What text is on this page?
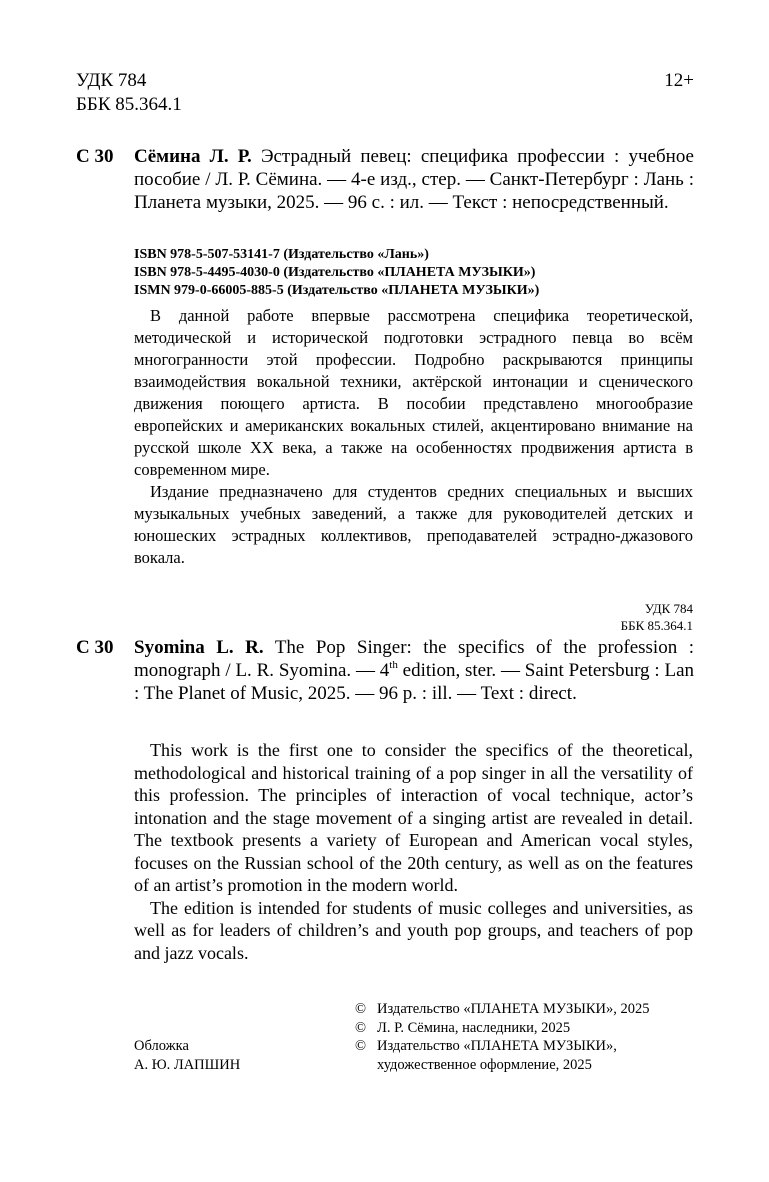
УДК 784
ББК 85.364.1
12+
С 30 Сёмина Л. Р. Эстрадный певец: специфика профессии : учебное пособие / Л. Р. Сёмина. — 4-е изд., стер. — Санкт-Петербург : Лань : Планета музыки, 2025. — 96 с. : ил. — Текст : непосредственный.
ISBN 978-5-507-53141-7 (Издательство «Лань»)
ISBN 978-5-4495-4030-0 (Издательство «ПЛАНЕТА МУЗЫКИ»)
ISMN 979-0-66005-885-5 (Издательство «ПЛАНЕТА МУЗЫКИ»)

В данной работе впервые рассмотрена специфика теоретической, методической и исторической подготовки эстрадного певца во всём многогранности этой профессии. Подробно раскрываются принципы взаимодействия вокальной техники, актёрской интонации и сценического движения поющего артиста. В пособии представлено многообразие европейских и американских вокальных стилей, акцентировано внимание на русской школе XX века, а также на особенностях продвижения артиста в современном мире.

Издание предназначено для студентов средних специальных и высших музыкальных учебных заведений, а также для руководителей детских и юношеских эстрадных коллективов, преподавателей эстрадно-джазового вокала.

УДК 784
ББК 85.364.1
С 30 Syomina L. R. The Pop Singer: the specifics of the profession : monograph / L. R. Syomina. — 4th edition, ster. — Saint Petersburg : Lan : The Planet of Music, 2025. — 96 p. : ill. — Text : direct.

This work is the first one to consider the specifics of the theoretical, methodological and historical training of a pop singer in all the versatility of this profession. The principles of interaction of vocal technique, actor’s intonation and the stage movement of a singing artist are revealed in detail. The textbook presents a variety of European and American vocal styles, focuses on the Russian school of the 20th century, as well as on the features of an artist’s promotion in the modern world.

The edition is intended for students of music colleges and universities, as well as for leaders of children’s and youth pop groups, and teachers of pop and jazz vocals.

Обложка
А. Ю. ЛАПШИН
© Издательство «ПЛАНЕТА МУЗЫКИ», 2025
© Л. Р. Сёмина, наследники, 2025
© Издательство «ПЛАНЕТА МУЗЫКИ»,
художественное оформление, 2025
